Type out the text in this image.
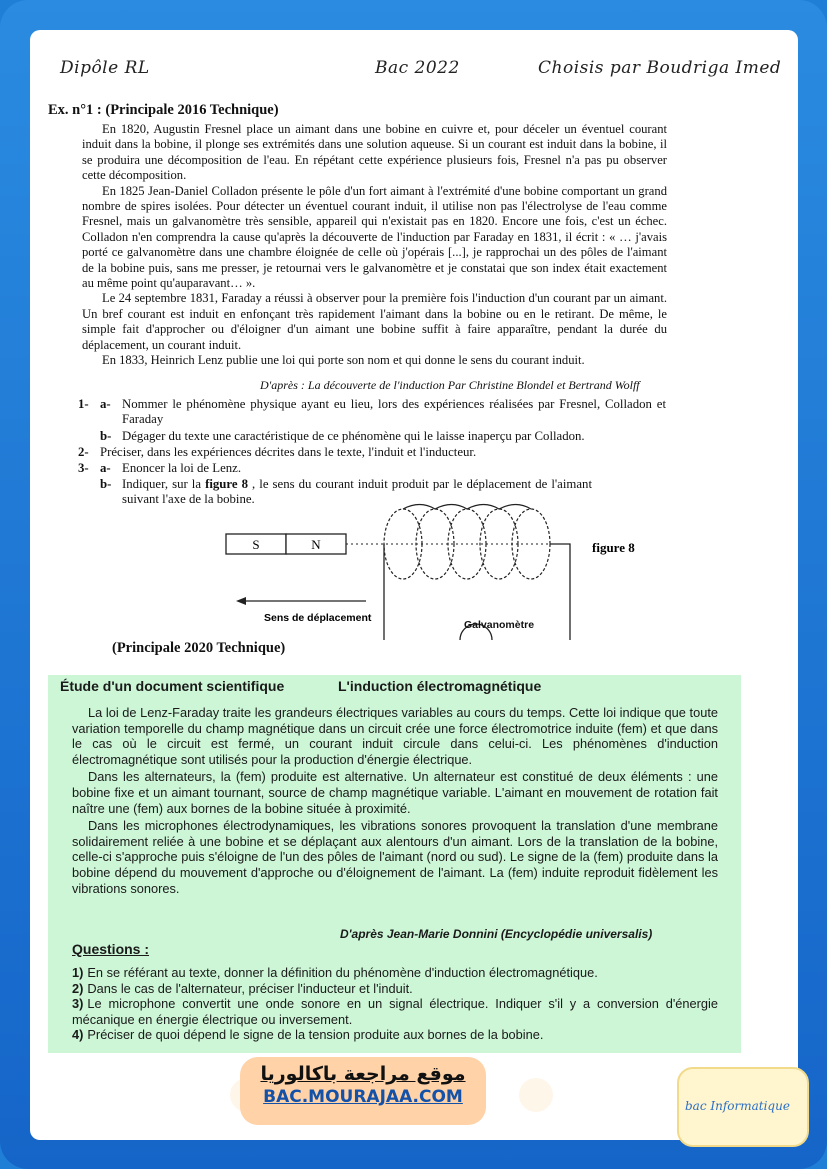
Dipôle RL	Bac 2022	Choisis par Boudriga Imed
Ex. n°1 : (Principale 2016 Technique)

En 1820, Augustin Fresnel place un aimant dans une bobine en cuivre et, pour déceler un éventuel courant induit dans la bobine, il plonge ses extrémités dans une solution aqueuse. Si un courant est induit dans la bobine, il se produira une décomposition de l'eau. En répétant cette expérience plusieurs fois, Fresnel n'a pas pu observer cette décomposition.

En 1825 Jean-Daniel Colladon présente le pôle d'un fort aimant à l'extrémité d'une bobine comportant un grand nombre de spires isolées. Pour détecter un éventuel courant induit, il utilise non pas l'électrolyse de l'eau comme Fresnel, mais un galvanomètre très sensible, appareil qui n'existait pas en 1820. Encore une fois, c'est un échec. Colladon n'en comprendra la cause qu'après la découverte de l'induction par Faraday en 1831, il écrit : « … j'avais porté ce galvanomètre dans une chambre éloignée de celle où j'opérais [...], je rapprochai un des pôles de l'aimant de la bobine puis, sans me presser, je retournai vers le galvanomètre et je constatai que son index était exactement au même point qu'auparavant… ».

Le 24 septembre 1831, Faraday a réussi à observer pour la première fois l'induction d'un courant par un aimant. Un bref courant est induit en enfonçant très rapidement l'aimant dans la bobine ou en le retirant. De même, le simple fait d'approcher ou d'éloigner d'un aimant une bobine suffit à faire apparaître, pendant la durée du déplacement, un courant induit.

En 1833, Heinrich Lenz publie une loi qui porte son nom et qui donne le sens du courant induit.

D'après : La découverte de l'induction Par Christine Blondel et Bertrand Wolff
1- a- Nommer le phénomène physique ayant eu lieu, lors des expériences réalisées par Fresnel, Colladon et Faraday
b- Dégager du texte une caractéristique de ce phénomène qui le laisse inaperçu par Colladon.
2- Préciser, dans les expériences décrites dans le texte, l'induit et l'inducteur.
3- a- Enoncer la loi de Lenz.
b- Indiquer, sur la figure 8 , le sens du courant induit produit par le déplacement de l'aimant suivant l'axe de la bobine.
S	N
Sens de déplacement
figure 8
Galvanomètre
(Principale 2020 Technique)
Étude d'un document scientifique	L'induction électromagnétique

La loi de Lenz-Faraday traite les grandeurs électriques variables au cours du temps. Cette loi indique que toute variation temporelle du champ magnétique dans un circuit crée une force électromotrice induite (fem) et que dans le cas où le circuit est fermé, un courant induit circule dans celui-ci. Les phénomènes d'induction électromagnétique sont utilisés pour la production d'énergie électrique.

Dans les alternateurs, la (fem) produite est alternative. Un alternateur est constitué de deux éléments : une bobine fixe et un aimant tournant, source de champ magnétique variable. L'aimant en mouvement de rotation fait naître une (fem) aux bornes de la bobine située à proximité.

Dans les microphones électrodynamiques, les vibrations sonores provoquent la translation d'une membrane solidairement reliée à une bobine et se déplaçant aux alentours d'un aimant. Lors de la translation de la bobine, celle-ci s'approche puis s'éloigne de l'un des pôles de l'aimant (nord ou sud). Le signe de la (fem) produite dans la bobine dépend du mouvement d'approche ou d'éloignement de l'aimant. La (fem) induite reproduit fidèlement les vibrations sonores.

D'après Jean-Marie Donnini (Encyclopédie universalis)
Questions :
1) En se référant au texte, donner la définition du phénomène d'induction électromagnétique.
2) Dans le cas de l'alternateur, préciser l'inducteur et l'induit.
3) Le microphone convertit une onde sonore en un signal électrique. Indiquer s'il y a conversion d'énergie mécanique en énergie électrique ou inversement.
4) Préciser de quoi dépend le signe de la tension produite aux bornes de la bobine.
موقع مراجعة باكالوريا
BAC.MOURAJAA.COM	bac Informatique
